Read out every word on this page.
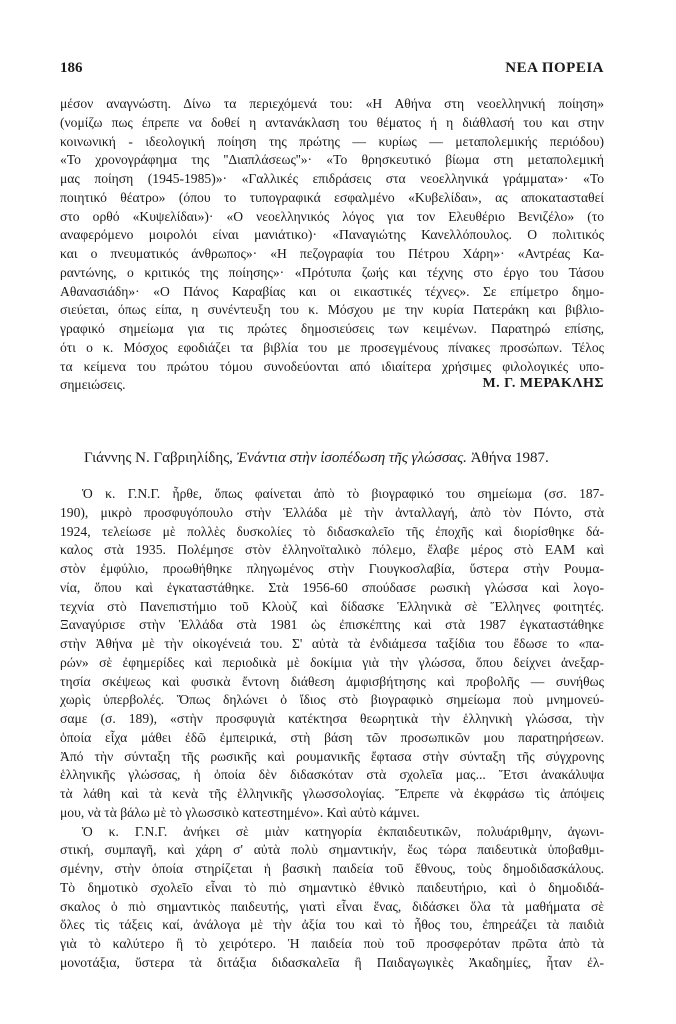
186	ΝΕΑ ΠΟΡΕΙΑ
μέσον αναγνώστη. Δίνω τα περιεχόμενά του: «Η Αθήνα στη νεοελληνική ποίηση»
(νομίζω πως έπρεπε να δοθεί η αντανάκλαση του θέματος ή η διάθλασή του και στην
κοινωνική - ιδεολογική ποίηση της πρώτης — κυρίως — μεταπολεμικής περιόδου)
«Το χρονογράφημα της ''Διαπλάσεως''»· «Το θρησκευτικό βίωμα στη μεταπολεμική
μας ποίηση (1945-1985)»· «Γαλλικές επιδράσεις στα νεοελληνικά γράμματα»· «Το
ποιητικό θέατρο» (όπου το τυπογραφικά εσφαλμένο «Κυβελίδαι», ας αποκατασταθεί
στο ορθό «Κυψελίδαι»)· «Ο νεοελληνικός λόγος για τον Ελευθέριο Βενιζέλο» (το
αναφερόμενο μοιρολόι είναι μανιάτικο)· «Παναγιώτης Κανελλόπουλος. Ο πολιτικός
και ο πνευματικός άνθρωπος»· «Η πεζογραφία του Πέτρου Χάρη»· «Αντρέας Κα-
ραντώνης, ο κριτικός της ποίησης»· «Πρότυπα ζωής και τέχνης στο έργο του Τάσου
Αθανασιάδη»· «Ο Πάνος Καραβίας και οι εικαστικές τέχνες». Σε επίμετρο δημο-
σιεύεται, όπως είπα, η συνέντευξη του κ. Μόσχου με την κυρία Πατεράκη και βιβλιο-
γραφικό σημείωμα για τις πρώτες δημοσιεύσεις των κειμένων. Παρατηρώ επίσης,
ότι ο κ. Μόσχος εφοδιάζει τα βιβλία του με προσεγμένους πίνακες προσώπων. Τέλος
τα κείμενα του πρώτου τόμου συνοδεύονται από ιδιαίτερα χρήσιμες φιλολογικές υπο-
σημειώσεις.	Μ. Γ. ΜΕΡΑΚΛΗΣ
Γιάννης Ν. Γαβριηλίδης, Ἐνάντια στὴν ἰσοπέδωση τῆς γλώσσας. Ἀθήνα 1987.
Ὁ κ. Γ.Ν.Γ. ἦρθε, ὅπως φαίνεται ἀπὸ τὸ βιογραφικό του σημείωμα (σσ. 187-
190), μικρὸ προσφυγόπουλο στὴν Ἑλλάδα μὲ τὴν ἀνταλλαγή, ἀπὸ τὸν Πόντο, στὰ
1924, τελείωσε μὲ πολλὲς δυσκολίες τὸ διδασκαλεῖο τῆς ἐποχῆς καὶ διορίσθηκε δά-
καλος στὰ 1935. Πολέμησε στὸν ἑλληνοϊταλικὸ πόλεμο, ἔλαβε μέρος στὸ ΕΑΜ καὶ
στὸν ἐμφύλιο, προωθήθηκε πληγωμένος στὴν Γιουγκοσλαβία, ὕστερα στὴν Ρουμα-
νία, ὅπου καὶ ἐγκαταστάθηκε. Στὰ 1956-60 σπούδασε ρωσικὴ γλώσσα καὶ λογο-
τεχνία στὸ Πανεπιστήμιο τοῦ Κλοὺζ καὶ δίδασκε Ἑλληνικὰ σὲ Ἕλληνες φοιτητές.
Ξαναγύρισε στὴν Ἑλλάδα στὰ 1981 ὡς ἐπισκέπτης καὶ στὰ 1987 ἐγκαταστάθηκε
στὴν Ἀθήνα μὲ τὴν οἰκογένειά του. Σ' αὐτὰ τὰ ἐνδιάμεσα ταξίδια του ἔδωσε το «πα-
ρών» σὲ ἐφημερίδες καὶ περιοδικὰ μὲ δοκίμια γιὰ τὴν γλώσσα, ὅπου δείχνει ἀνεξαρ-
τησία σκέψεως καὶ φυσικὰ ἔντονη διάθεση ἀμφισβήτησης καὶ προβολῆς — συνήθως
χωρὶς ὑπερβολές. Ὅπως δηλώνει ὁ ἴδιος στὸ βιογραφικὸ σημείωμα ποὺ μνημονεύ-
σαμε (σ. 189), «στὴν προσφυγιὰ κατέκτησα θεωρητικὰ τὴν ἑλληνικὴ γλώσσα, τὴν
ὁποία εἶχα μάθει ἐδῶ ἐμπειρικά, στὴ βάση τῶν προσωπικῶν μου παρατηρήσεων.
Ἀπό τὴν σύνταξη τῆς ρωσικῆς καὶ ρουμανικῆς ἔφτασα στὴν σύνταξη τῆς σύγχρονης
ἑλληνικῆς γλώσσας, ἡ ὁποία δὲν διδασκόταν στὰ σχολεῖα μας... Ἔτσι ἀνακάλυψα
τὰ λάθη καὶ τὰ κενὰ τῆς ἑλληνικῆς γλωσσολογίας. Ἔπρεπε νὰ ἐκφράσω τὶς ἀπόψεις
μου, νὰ τὰ βάλω μὲ τὸ γλωσσικὸ κατεστημένο». Καὶ αὐτὸ κάμνει.
Ὁ κ. Γ.Ν.Γ. ἀνήκει σὲ μιὰν κατηγορία ἐκπαιδευτικῶν, πολυάριθμην, ἀγωνι-
στική, συμπαγῆ, καὶ χάρη σ' αὐτὰ πολὺ σημαντικήν, ἕως τώρα παιδευτικὰ ὑποβαθμι-
σμένην, στὴν ὁποία στηρίζεται ἡ βασικὴ παιδεία τοῦ ἔθνους, τοὺς δημοδιδασκάλους.
Τὸ δημοτικὸ σχολεῖο εἶναι τὸ πιὸ σημαντικὸ ἐθνικὸ παιδευτήριο, καὶ ὁ δημοδιδά-
σκαλος ὁ πιὸ σημαντικὸς παιδευτής, γιατὶ εἶναι ἕνας, διδάσκει ὅλα τὰ μαθήματα σὲ
ὅλες τὶς τάξεις καί, ἀνάλογα μὲ τὴν ἀξία του καὶ τὸ ἦθος του, ἐπηρεάζει τὰ παιδιὰ
γιὰ τὸ καλύτερο ἢ τὸ χειρότερο. Ἡ παιδεία ποὺ τοῦ προσφερόταν πρῶτα ἀπὸ τὰ
μονοτάξια, ὕστερα τὰ διτάξια διδασκαλεῖα ἢ Παιδαγωγικὲς Ἀκαδημίες, ἦταν ἐλ-
